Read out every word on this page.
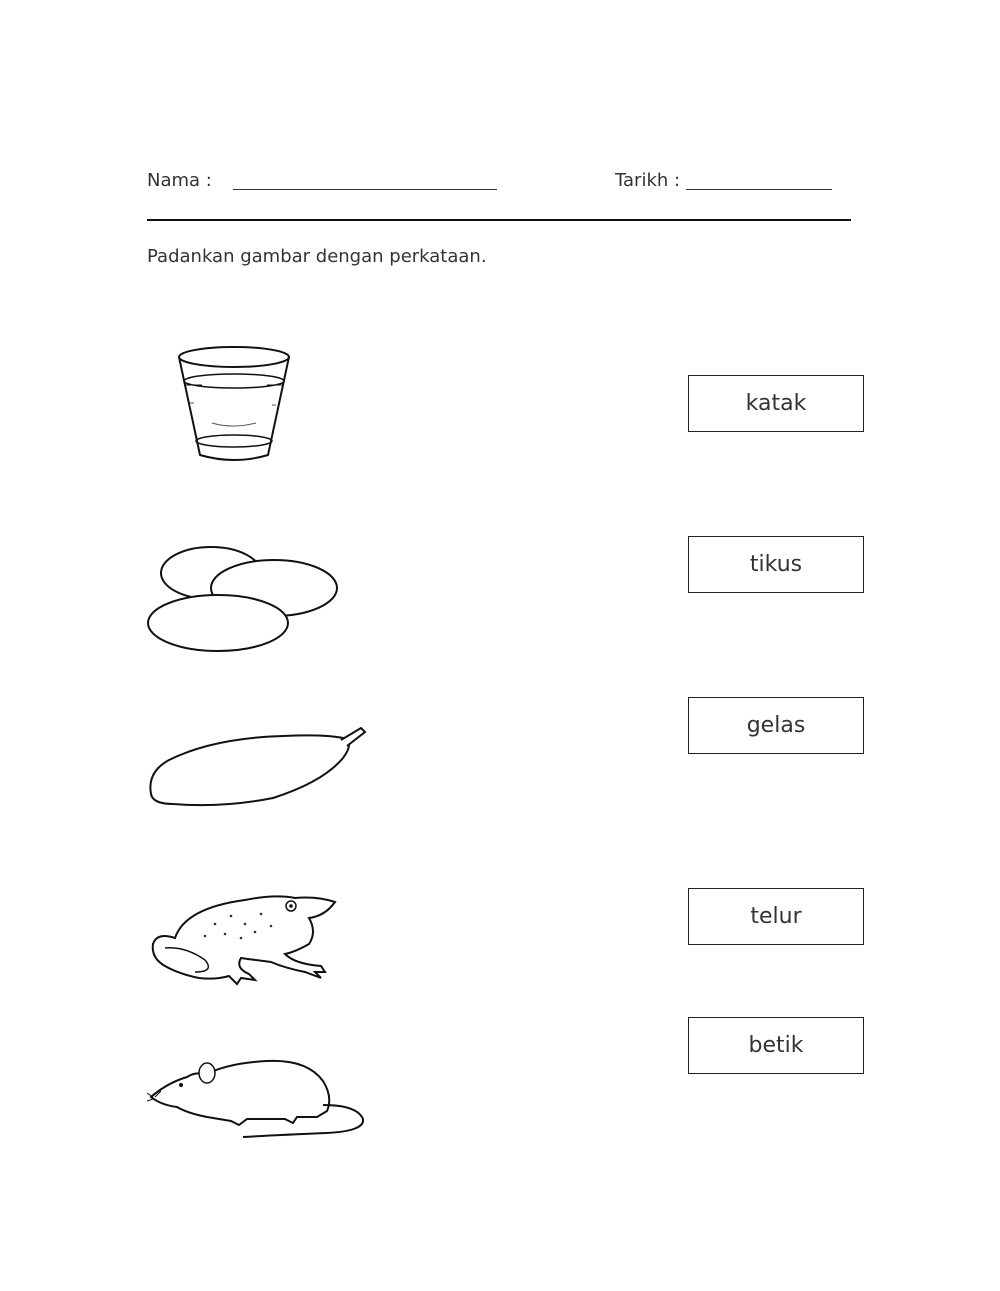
Nama :	Tarikh :
Padankan gambar dengan perkataan.
katak
tikus
gelas
telur
betik
